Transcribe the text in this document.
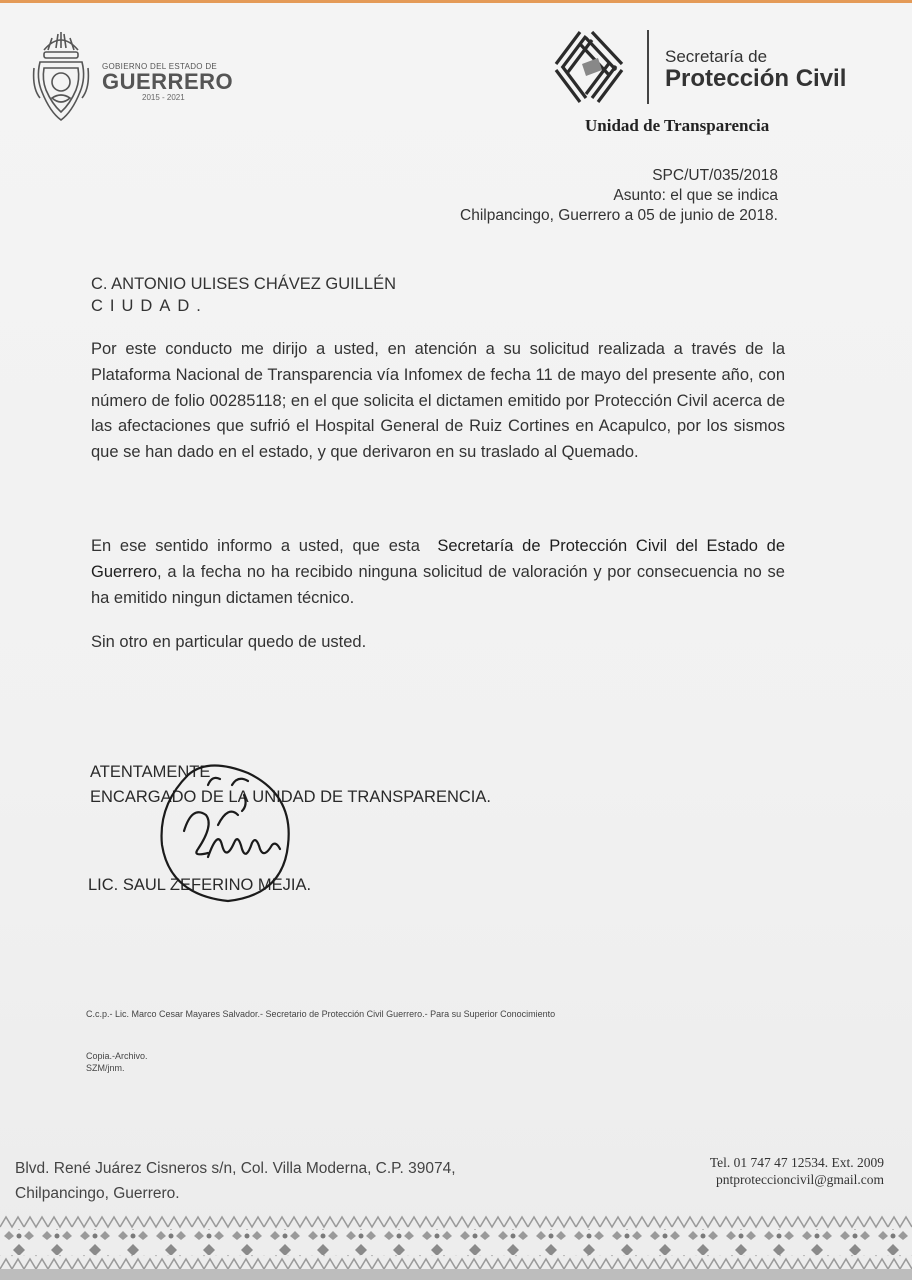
GOBIERNO DEL ESTADO DE
GUERRERO
2015 - 2021
Secretaría de
Protección Civil
Unidad de Transparencia
SPC/UT/035/2018
Asunto: el que se indica
Chilpancingo, Guerrero a 05 de junio de 2018.
C. ANTONIO ULISES CHÁVEZ GUILLÉN
CIUDAD.
Por este conducto me dirijo a usted, en atención a su solicitud realizada a través de la Plataforma Nacional de Transparencia vía Infomex de fecha 11 de mayo del presente año, con número de folio 00285118; en el que solicita el dictamen emitido por Protección Civil acerca de las afectaciones que sufrió el Hospital General de Ruiz Cortines en Acapulco, por los sismos que se han dado en el estado, y que derivaron en su traslado al Quemado.
En ese sentido informo a usted, que esta Secretaría de Protección Civil del Estado de Guerrero, a la fecha no ha recibido ninguna solicitud de valoración y por consecuencia no se ha emitido ningun dictamen técnico.
Sin otro en particular quedo de usted.
ATENTAMENTE
ENCARGADO DE LA UNIDAD DE TRANSPARENCIA.
LIC. SAUL ZEFERINO MEJIA.
C.c.p.- Lic. Marco Cesar Mayares Salvador.- Secretario de Protección Civil Guerrero.- Para su Superior Conocimiento
Copia.-Archivo.
SZM/jnm.
Blvd. René Juárez Cisneros s/n, Col. Villa Moderna, C.P. 39074,
Chilpancingo, Guerrero.
Tel. 01 747 47 12534. Ext. 2009
pntproteccioncivil@gmail.com
